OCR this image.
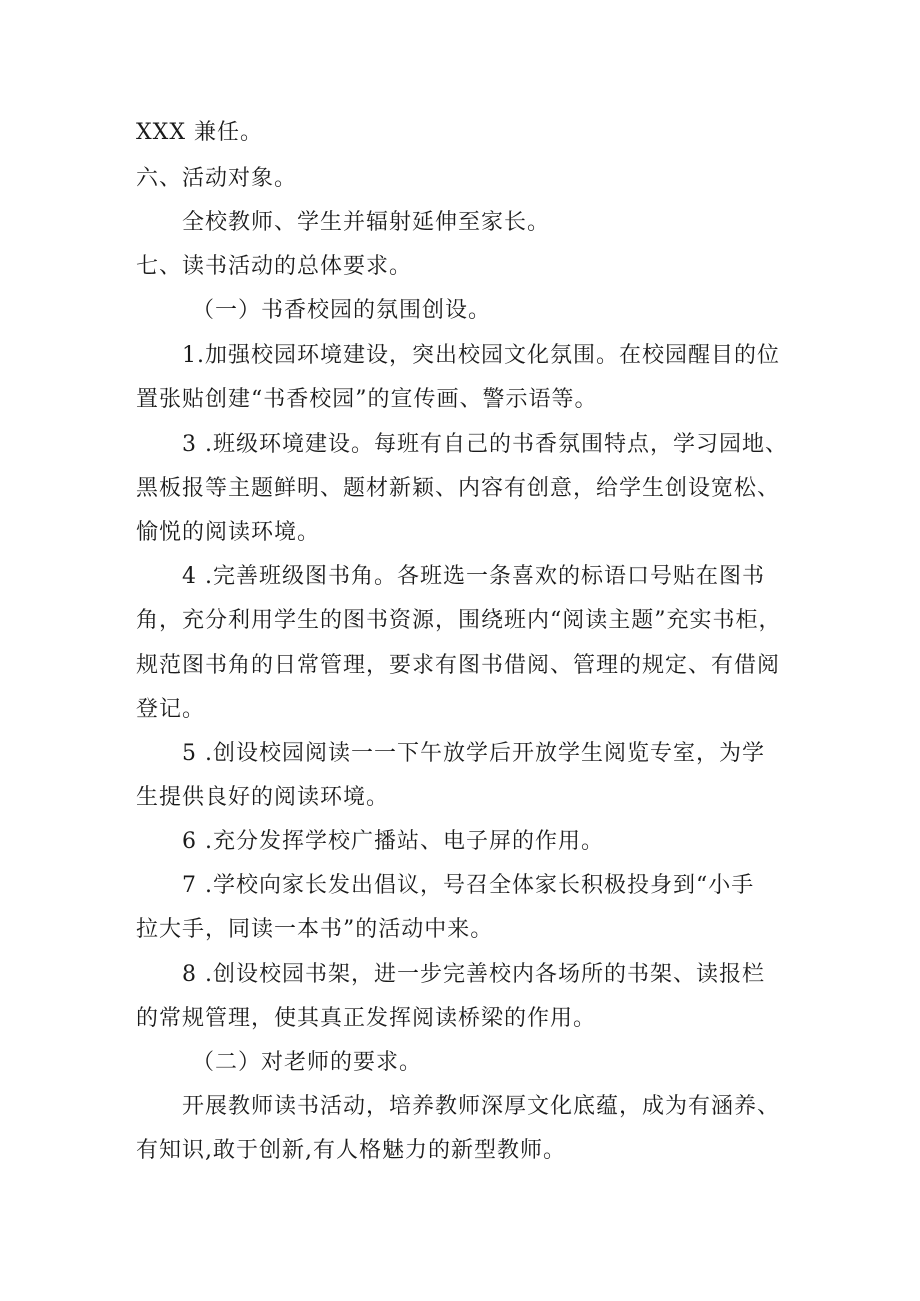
XXX 兼任。
六、活动对象。
全校教师、学生并辐射延伸至家长。
七、读书活动的总体要求。
（一）书香校园的氛围创设。
1.加强校园环境建设，突出校园文化氛围。在校园醒目的位
置张贴创建“书香校园”的宣传画、警示语等。
3 .班级环境建设。每班有自己的书香氛围特点，学习园地、
黑板报等主题鲜明、题材新颖、内容有创意，给学生创设宽松、
愉悦的阅读环境。
4 .完善班级图书角。各班选一条喜欢的标语口号贴在图书
角，充分利用学生的图书资源，围绕班内“阅读主题”充实书柜，
规范图书角的日常管理，要求有图书借阅、管理的规定、有借阅
登记。
5 .创设校园阅读一一下午放学后开放学生阅览专室，为学
生提供良好的阅读环境。
6 .充分发挥学校广播站、电子屏的作用。
7 .学校向家长发出倡议，号召全体家长积极投身到“小手
拉大手，同读一本书”的活动中来。
8 .创设校园书架，进一步完善校内各场所的书架、读报栏
的常规管理，使其真正发挥阅读桥梁的作用。
（二）对老师的要求。
开展教师读书活动，培养教师深厚文化底蕴，成为有涵养、
有知识,敢于创新,有人格魅力的新型教师。
